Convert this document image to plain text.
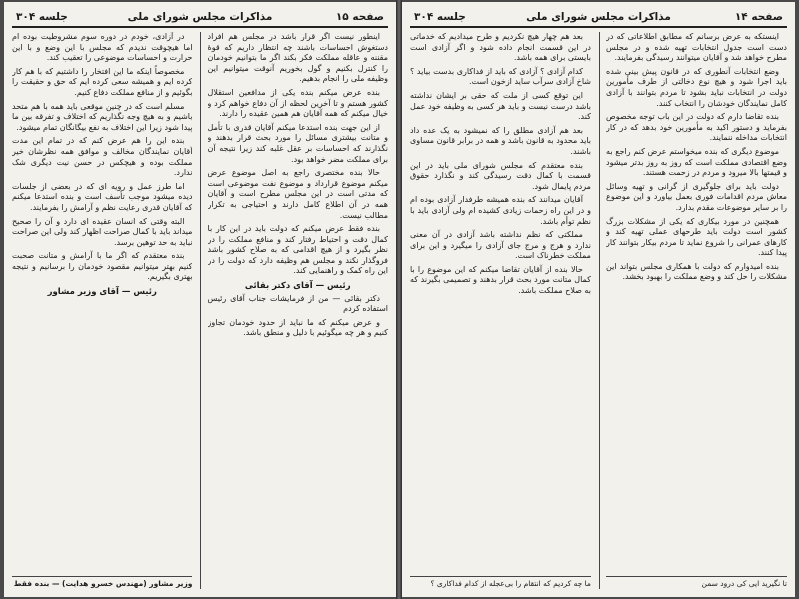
صفحه ۱۵
مذاکرات مجلس شورای ملی
جلسه ۳۰۴

اینطور نیست اگر قرار باشد در مجلس هم افراد دستغوش احساسات باشند چه انتظار داریم که قوهٔ مقننه و عاقله مملکت فکر بکند اگر ما بتوانیم خودمان را کنترل بکنیم و گول بخوریم آنوقت میتوانیم این وظیفه ملی را انجام بدهیم.

بنده عرض میکنم بنده یکی از مدافعین استقلال کشور هستم و تا آخرین لحظه از آن دفاع خواهم کرد و خیال میکنم که همه آقایان هم همین عقیده را دارند.

از این جهت بنده استدعا میکنم آقایان قدری با تأمل و متانت بیشتری مسائل را مورد بحث قرار بدهند و نگذارند که احساسات بر عقل غلبه کند زیرا نتیجه آن برای مملکت مضر خواهد بود.

حالا بنده مختصری راجع به اصل موضوع عرض میکنم موضوع قرارداد و موضوع نفت موضوعی است که مدتی است در این مجلس مطرح است و آقایان همه در آن اطلاع کامل دارند و احتیاجی به تکرار مطالب نیست.

بنده فقط عرض میکنم که دولت باید در این کار با کمال دقت و احتیاط رفتار کند و منافع مملکت را در نظر بگیرد و از هیچ اقدامی که به صلاح کشور باشد فروگذار نکند و مجلس هم وظیفه دارد که دولت را در این راه کمک و راهنمایی کند.

رئیس — آقای دکتر بقائی

دکتر بقائی — من از فرمایشات جناب آقای رئیس استفاده کردم

و عرض میکنم که ما نباید از حدود خودمان تجاوز کنیم و هر چه میگوئیم با دلیل و منطق باشد.

در آزادی، خودم در دوره سوم مشروطیت بوده ام اما هیچوقت ندیدم که مجلس با این وضع و با این حرارت و احساسات موضوعی را تعقیب کند.

مخصوصاً اینکه ما این افتخار را داشتیم که با هم کار کرده ایم و همیشه سعی کرده ایم که حق و حقیقت را بگوئیم و از منافع مملکت دفاع کنیم.

مسلم است که در چنین موقعی باید همه با هم متحد باشیم و به هیچ وجه نگذاریم که اختلاف و تفرقه بین ما پیدا شود زیرا این اختلاف به نفع بیگانگان تمام میشود.

بنده این را هم عرض کنم که در تمام این مدت آقایان نمایندگان مخالف و موافق همه نظرشان خیر مملکت بوده و هیچکس در حسن نیت دیگری شک ندارد.

اما طرز عمل و رویه ای که در بعضی از جلسات دیده میشود موجب تأسف است و بنده استدعا میکنم که آقایان قدری رعایت نظم و آرامش را بفرمایند.

البته وقتی که انسان عقیده ای دارد و آن را صحیح میداند باید با کمال صراحت اظهار کند ولی این صراحت نباید به حد توهین برسد.

بنده معتقدم که اگر ما با آرامش و متانت صحبت کنیم بهتر میتوانیم مقصود خودمان را برسانیم و نتیجه بهتری بگیریم.

رئیس — آقای وزیر مشاور
وزیر مشاور (مهندس خسرو هدایت) — بنده فقط
صفحه ۱۴
مذاکرات مجلس شورای ملی
جلسه ۳۰۴

اینستکه به عرض برسانم که مطابق اطلاعاتی که در دست است جدول انتخابات تهیه شده و در مجلس مطرح خواهد شد و آقایان میتوانند رسیدگی بفرمایند.

وضع انتخابات آنطوری که در قانون پیش بینی شده باید اجرا شود و هیچ نوع دخالتی از طرف مأمورین دولت در انتخابات نباید بشود تا مردم بتوانند با آزادی کامل نمایندگان خودشان را انتخاب کنند.

بنده تقاضا دارم که دولت در این باب توجه مخصوص بفرماید و دستور اکید به مأمورین خود بدهد که در کار انتخابات مداخله ننمایند.

موضوع دیگری که بنده میخواستم عرض کنم راجع به وضع اقتصادی مملکت است که روز به روز بدتر میشود و قیمتها بالا میرود و مردم در زحمت هستند.

دولت باید برای جلوگیری از گرانی و تهیه وسائل معاش مردم اقدامات فوری بعمل بیاورد و این موضوع را بر سایر موضوعات مقدم بدارد.

همچنین در مورد بیکاری که یکی از مشکلات بزرگ کشور است دولت باید طرحهای عملی تهیه کند و کارهای عمرانی را شروع نماید تا مردم بیکار بتوانند کار پیدا کنند.

بنده امیدوارم که دولت با همکاری مجلس بتواند این مشکلات را حل کند و وضع مملکت را بهبود بخشد.

تا نگیرید ایی کی درود سمن

بعد هم چهار هیچ نکردیم و طرح میدادیم که خدماتی در این قسمت انجام داده شود و اگر آزادی است بایستی برای همه باشد.

کدام آزادی ؟ آزادی که باید از فداکاری بدست بیاید ؟ شاخ آزادی سرآب ساید ازخون است.

این توقع کسی از ملت که حقی بر ایشان نداشته باشد درست نیست و باید هر کسی به وظیفه خود عمل کند.

بعد هم آزادی مطلق را که نمیشود به یک عده داد باید محدود به قانون باشد و همه در برابر قانون مساوی باشند.

بنده معتقدم که مجلس شورای ملی باید در این قسمت با کمال دقت رسیدگی کند و نگذارد حقوق مردم پایمال شود.

آقایان میدانند که بنده همیشه طرفدار آزادی بوده ام و در این راه زحمات زیادی کشیده ام ولی آزادی باید با نظم توأم باشد.

مملکتی که نظم نداشته باشد آزادی در آن معنی ندارد و هرج و مرج جای آزادی را میگیرد و این برای مملکت خطرناک است.

حالا بنده از آقایان تقاضا میکنم که این موضوع را با کمال متانت مورد بحث قرار بدهند و تصمیمی بگیرند که به صلاح مملکت باشد.

ما چه کردیم که انتقام را بی‌عجله از کدام فداکاری ؟
